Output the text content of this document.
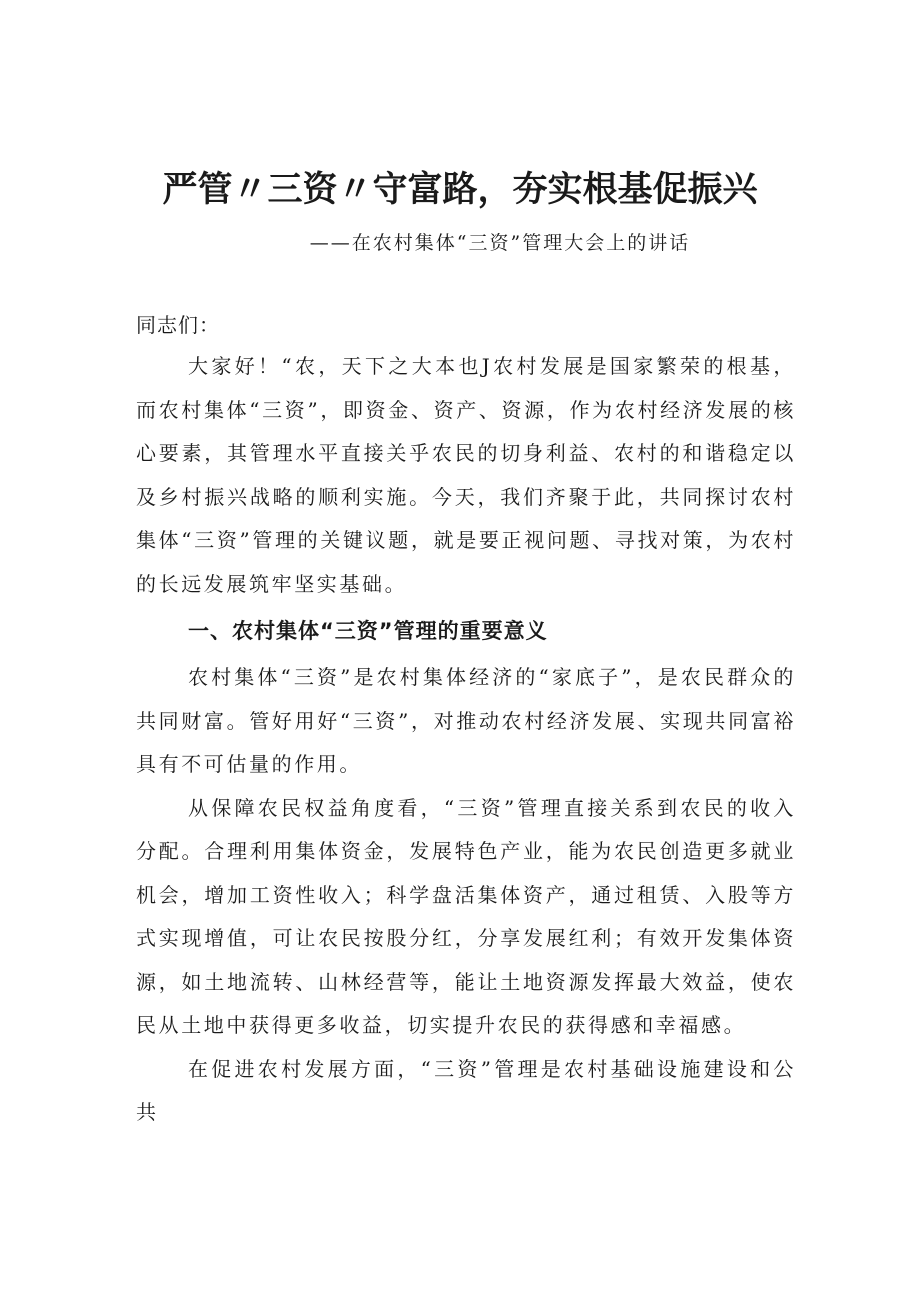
严管〃三资〃守富路，夯实根基促振兴
——在农村集体“三资”管理大会上的讲话

同志们：

大家好！“农，天下之大本也J农村发展是国家繁荣的根基，而农村集体“三资”，即资金、资产、资源，作为农村经济发展的核心要素，其管理水平直接关乎农民的切身利益、农村的和谐稳定以及乡村振兴战略的顺利实施。今天，我们齐聚于此，共同探讨农村集体“三资”管理的关键议题，就是要正视问题、寻找对策，为农村的长远发展筑牢坚实基础。

一、农村集体“三资”管理的重要意义

农村集体“三资”是农村集体经济的“家底子”，是农民群众的共同财富。管好用好“三资”，对推动农村经济发展、实现共同富裕具有不可估量的作用。

从保障农民权益角度看，“三资”管理直接关系到农民的收入分配。合理利用集体资金，发展特色产业，能为农民创造更多就业机会，增加工资性收入；科学盘活集体资产，通过租赁、入股等方式实现增值，可让农民按股分红，分享发展红利；有效开发集体资源，如土地流转、山林经营等，能让土地资源发挥最大效益，使农民从土地中获得更多收益，切实提升农民的获得感和幸福感。

在促进农村发展方面，“三资”管理是农村基础设施建设和公共
